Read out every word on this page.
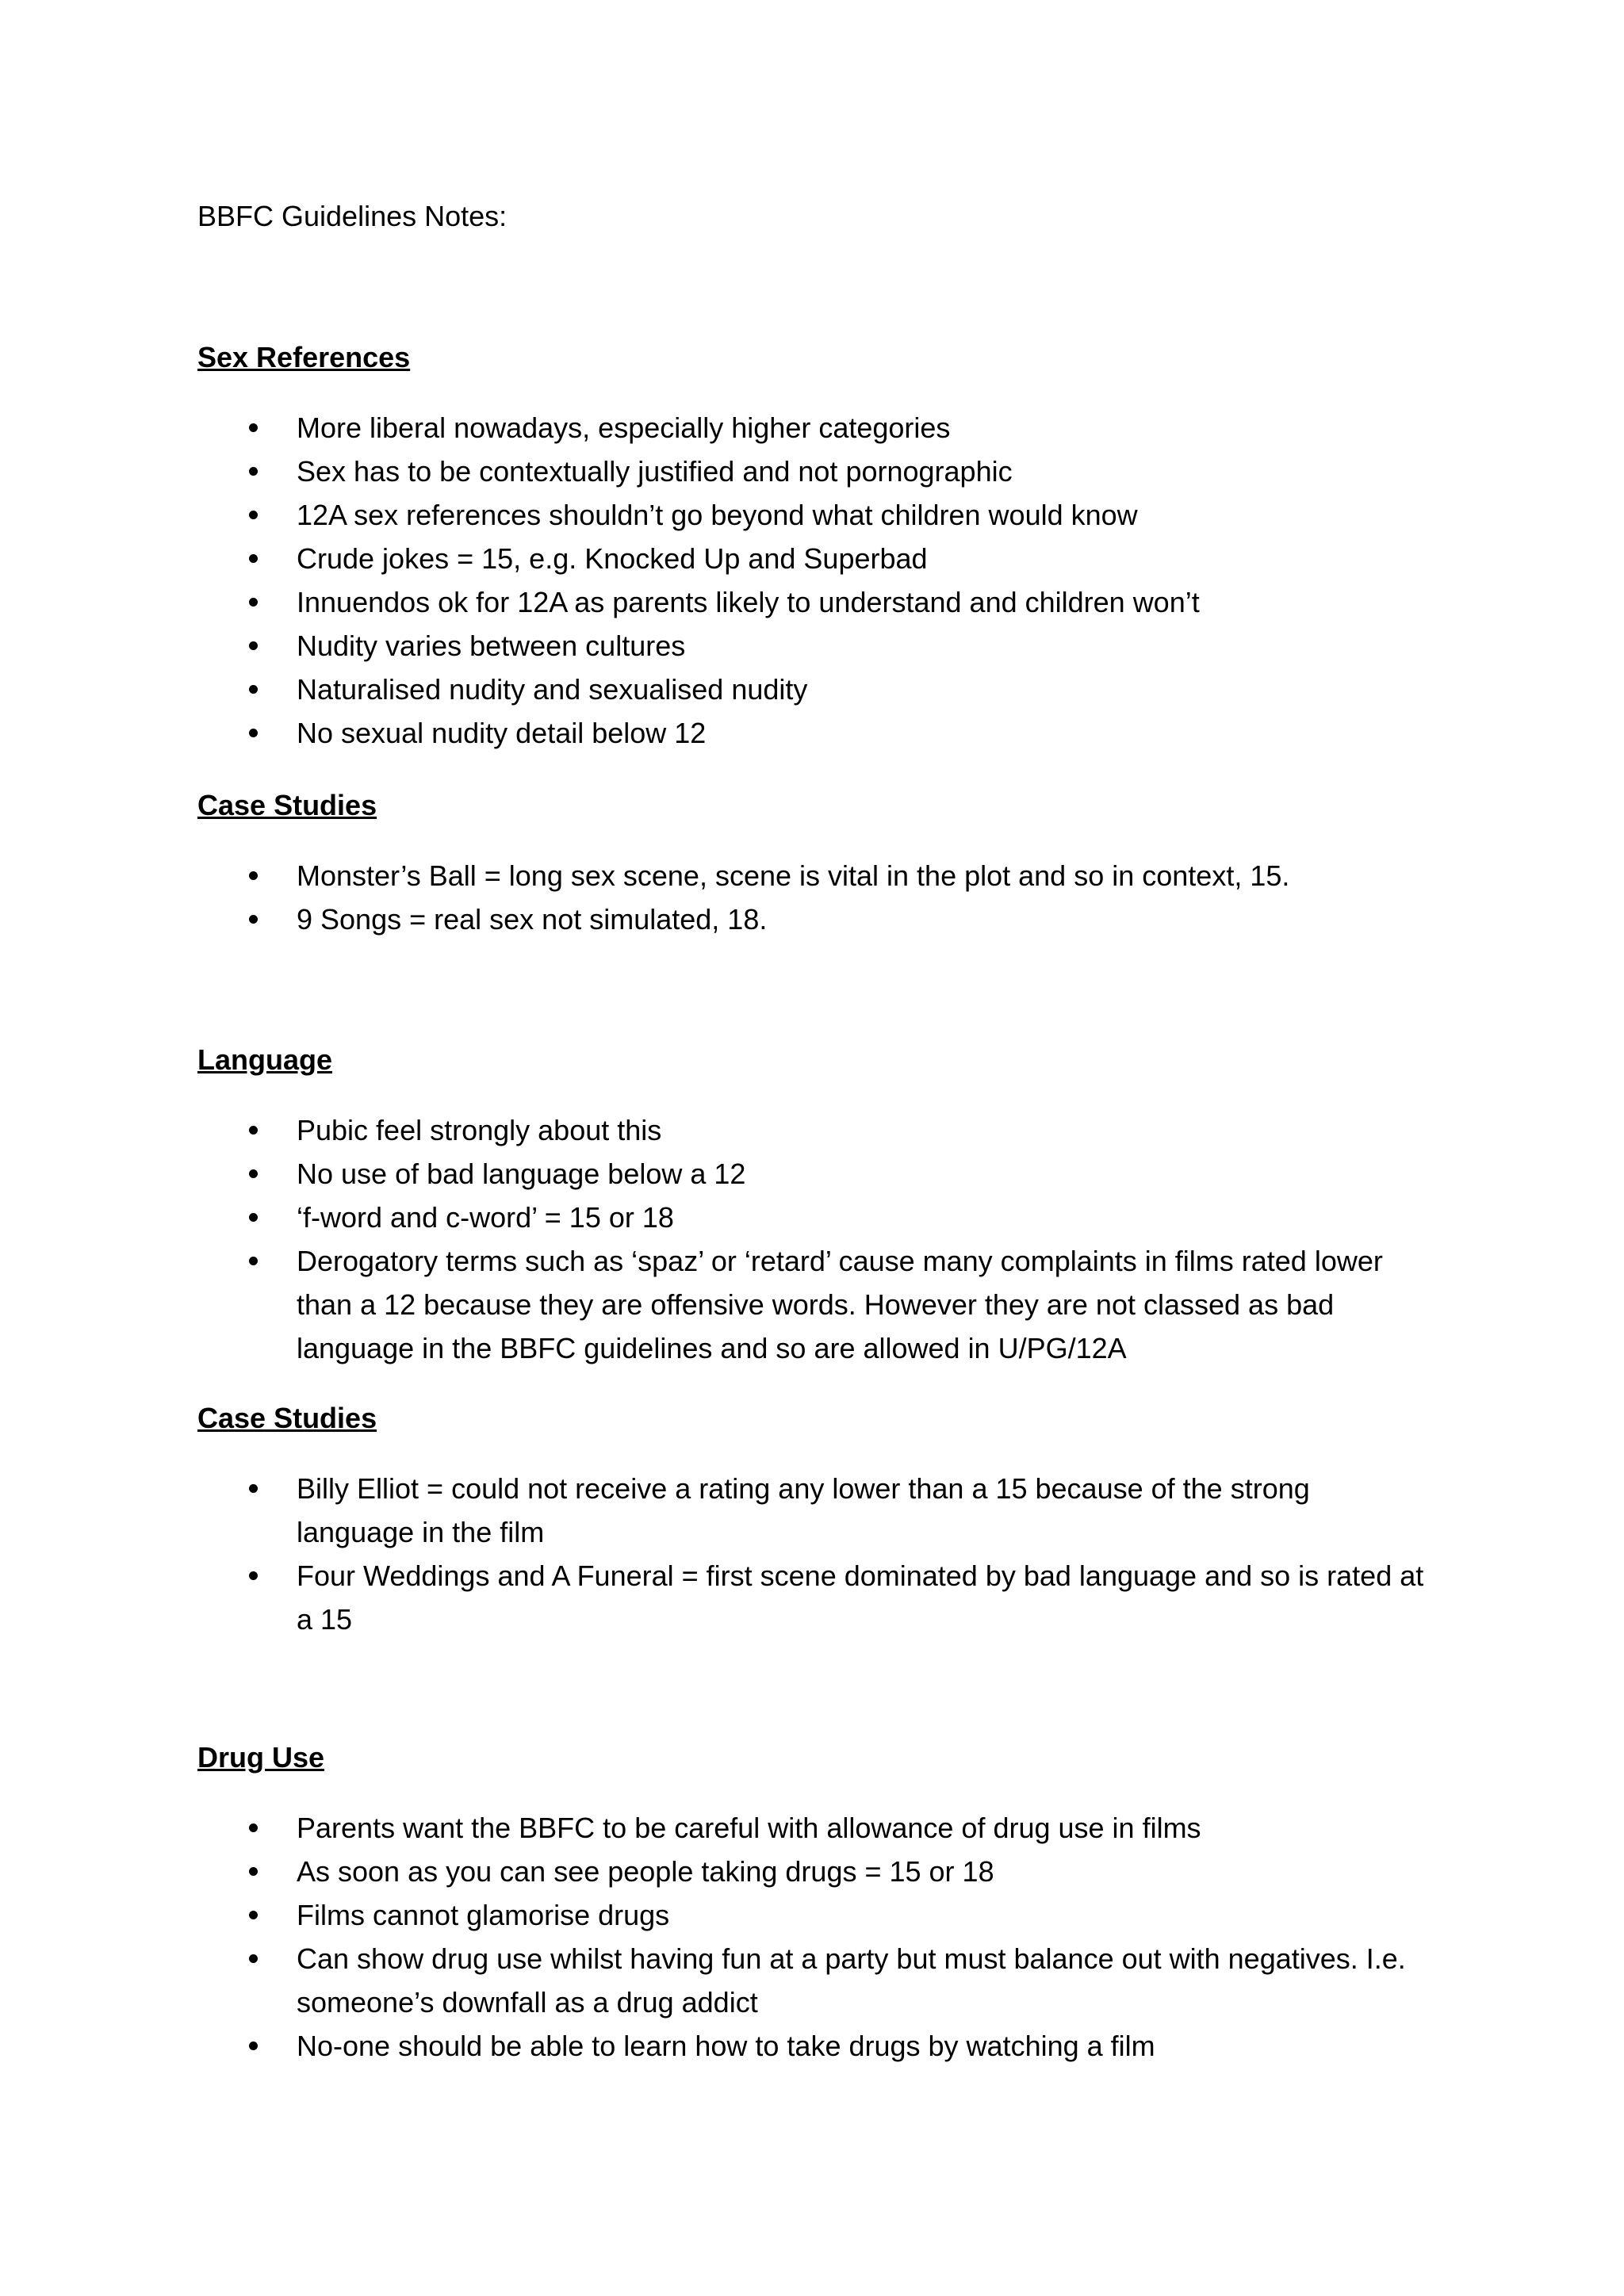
BBFC Guidelines Notes:

Sex References

More liberal nowadays, especially higher categories
Sex has to be contextually justified and not pornographic
12A sex references shouldn’t go beyond what children would know
Crude jokes = 15, e.g. Knocked Up and Superbad
Innuendos ok for 12A as parents likely to understand and children won’t
Nudity varies between cultures
Naturalised nudity and sexualised nudity
No sexual nudity detail below 12

Case Studies

Monster’s Ball = long sex scene, scene is vital in the plot and so in context, 15.
9 Songs = real sex not simulated, 18.

Language

Pubic feel strongly about this
No use of bad language below a 12
‘f-word and c-word’ = 15 or 18
Derogatory terms such as ‘spaz’ or ‘retard’ cause many complaints in films rated lower than a 12 because they are offensive words. However they are not classed as bad language in the BBFC guidelines and so are allowed in U/PG/12A

Case Studies

Billy Elliot = could not receive a rating any lower than a 15 because of the strong language in the film
Four Weddings and A Funeral = first scene dominated by bad language and so is rated at a 15

Drug Use

Parents want the BBFC to be careful with allowance of drug use in films
As soon as you can see people taking drugs = 15 or 18
Films cannot glamorise drugs
Can show drug use whilst having fun at a party but must balance out with negatives. I.e. someone’s downfall as a drug addict
No-one should be able to learn how to take drugs by watching a film
